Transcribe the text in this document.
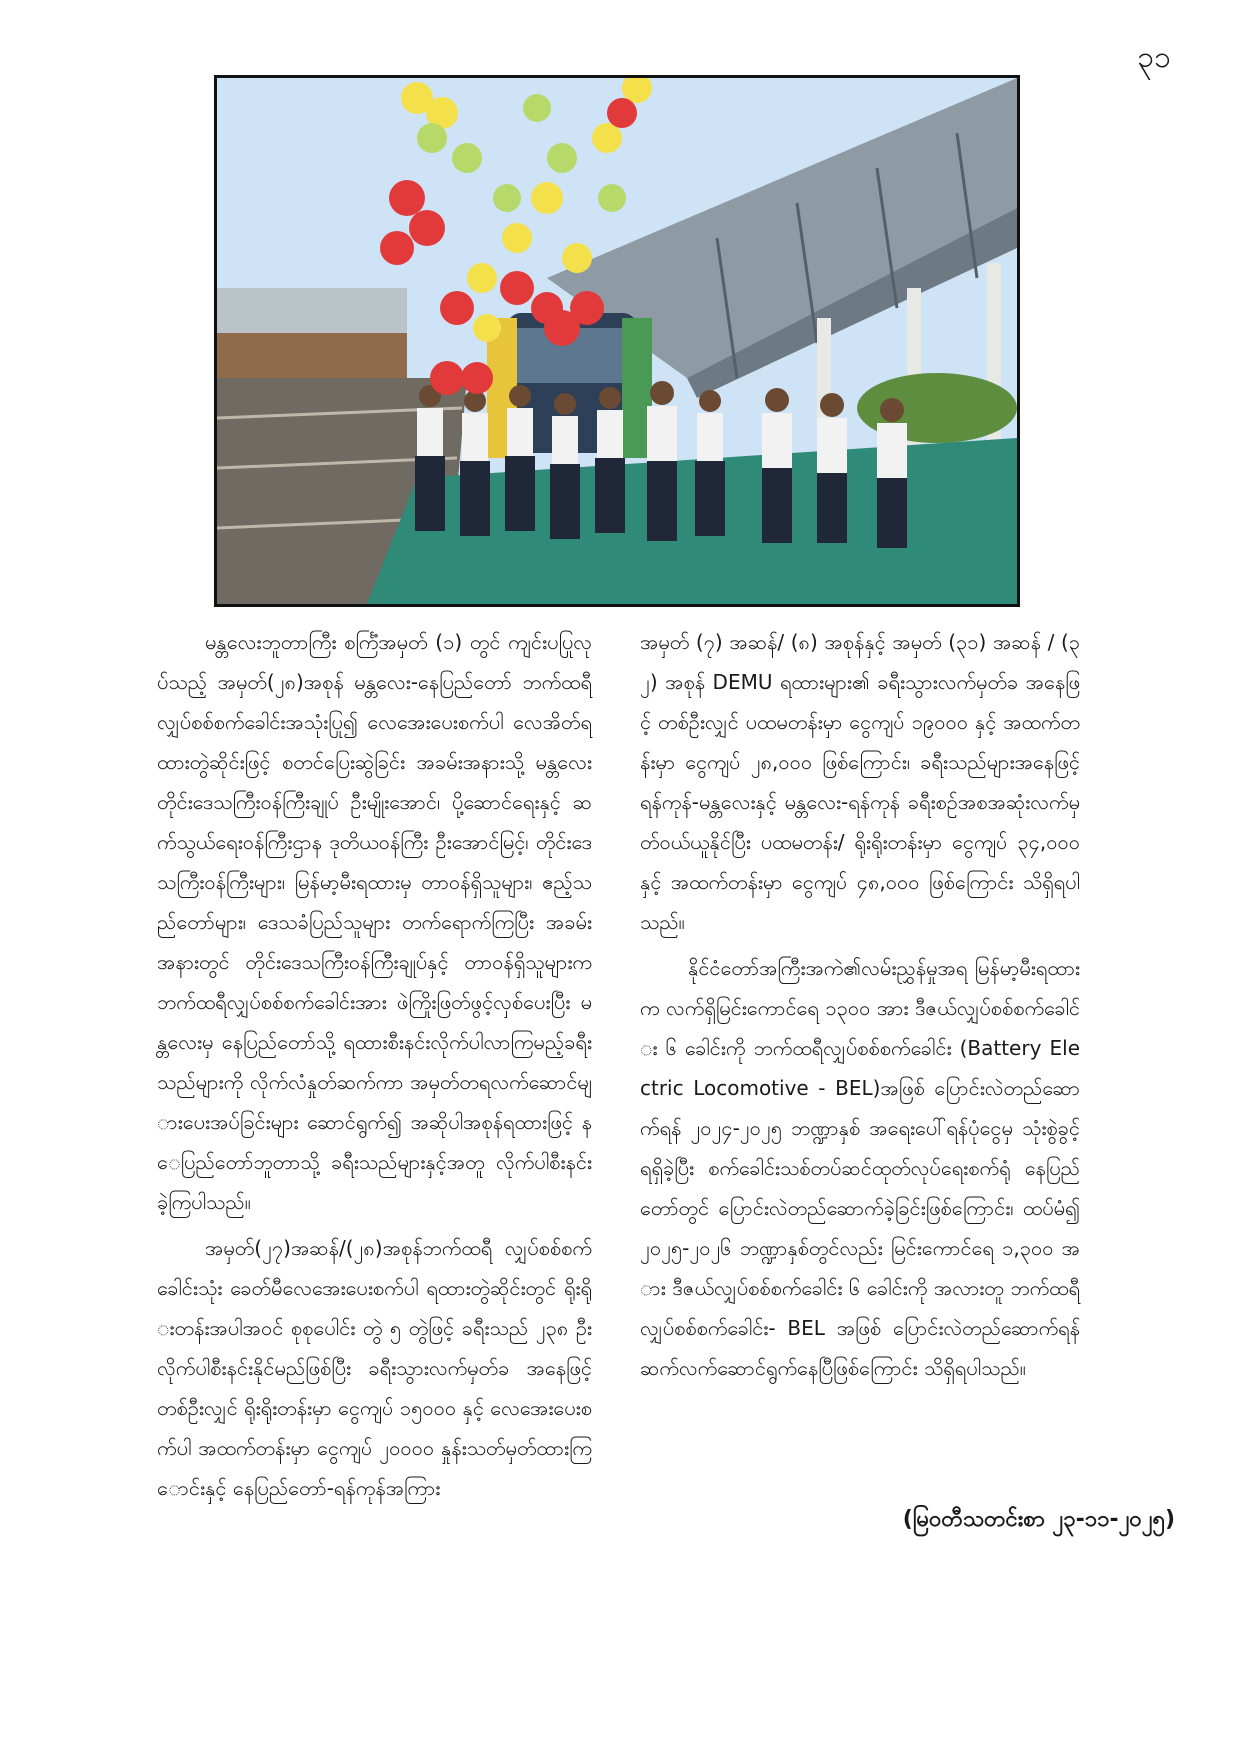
၃၁

မန္တလေးဘူတာကြီး စင်္ကြံအမှတ် (၁) တွင် ကျင်းပပြုလုပ်သည့် အမှတ်(၂၈)အစုန် မန္တလေး-နေပြည်တော် ဘက်ထရီလျှပ်စစ်စက်ခေါင်းအသုံးပြု၍ လေအေးပေးစက်ပါ လေအိတ်ရထားတွဲဆိုင်းဖြင့် စတင်ပြေးဆွဲခြင်း အခမ်းအနားသို့ မန္တလေးတိုင်းဒေသကြီးဝန်ကြီးချုပ် ဦးမျိုးအောင်၊ ပို့ဆောင်ရေးနှင့် ဆက်သွယ်ရေးဝန်ကြီးဌာန ဒုတိယဝန်ကြီး ဦးအောင်မြင့်၊ တိုင်းဒေသကြီးဝန်ကြီးများ၊ မြန်မာ့မီးရထားမှ တာဝန်ရှိသူများ၊ ဧည့်သည်တော်များ၊ ဒေသခံပြည်သူများ တက်ရောက်ကြပြီး အခမ်းအနားတွင် တိုင်းဒေသကြီးဝန်ကြီးချုပ်နှင့် တာဝန်ရှိသူများက ဘက်ထရီလျှပ်စစ်စက်ခေါင်းအား ဖဲကြိုးဖြတ်ဖွင့်လှစ်ပေးပြီး မန္တလေးမှ နေပြည်တော်သို့ ရထားစီးနင်းလိုက်ပါလာကြမည့်ခရီးသည်များကို လိုက်လံနှုတ်ဆက်ကာ အမှတ်တရလက်ဆောင်များပေးအပ်ခြင်းများ ဆောင်ရွက်၍ အဆိုပါအစုန်ရထားဖြင့် နေပြည်တော်ဘူတာသို့ ခရီးသည်များနှင့်အတူ လိုက်ပါစီးနင်းခဲ့ကြပါသည်။

အမှတ်(၂၇)အဆန်/(၂၈)အစုန်ဘက်ထရီ လျှပ်စစ်စက်ခေါင်းသုံး ခေတ်မီလေအေးပေးစက်ပါ ရထားတွဲဆိုင်းတွင် ရိုးရိုးတန်းအပါအဝင် စုစုပေါင်း တွဲ ၅ တွဲဖြင့် ခရီးသည် ၂၃၈ ဦး လိုက်ပါစီးနင်းနိုင်မည်ဖြစ်ပြီး ခရီးသွားလက်မှတ်ခ အနေဖြင့် တစ်ဦးလျှင် ရိုးရိုးတန်းမှာ ငွေကျပ် ၁၅၀၀၀ နှင့် လေအေးပေးစက်ပါ အထက်တန်းမှာ ငွေကျပ် ၂၀၀၀၀ နှုန်းသတ်မှတ်ထားကြောင်းနှင့် နေပြည်တော်-ရန်ကုန်အကြား

အမှတ် (၇) အဆန်/ (၈) အစုန်နှင့် အမှတ် (၃၁) အဆန် / (၃၂) အစုန် DEMU ရထားများ၏ ခရီးသွားလက်မှတ်ခ အနေဖြင့် တစ်ဦးလျှင် ပထမတန်းမှာ ငွေကျပ် ၁၉၀၀၀ နှင့် အထက်တန်းမှာ ငွေကျပ် ၂၈,၀၀၀ ဖြစ်ကြောင်း၊ ခရီးသည်များအနေဖြင့် ရန်ကုန်-မန္တလေးနှင့် မန္တလေး-ရန်ကုန် ခရီးစဉ်အစအဆုံးလက်မှတ်ဝယ်ယူနိုင်ပြီး ပထမတန်း/ ရိုးရိုးတန်းမှာ ငွေကျပ် ၃၄,၀၀၀ နှင့် အထက်တန်းမှာ ငွေကျပ် ၄၈,၀၀၀ ဖြစ်ကြောင်း သိရှိရပါသည်။

နိုင်ငံတော်အကြီးအကဲ၏လမ်းညွှန်မှုအရ မြန်မာ့မီးရထားက လက်ရှိမြင်းကောင်ရေ ၁၃၀၀ အား ဒီဇယ်လျှပ်စစ်စက်ခေါင်း ၆ ခေါင်းကို ဘက်ထရီလျှပ်စစ်စက်ခေါင်း (Battery Electric Locomotive - BEL)အဖြစ် ပြောင်းလဲတည်ဆောက်ရန် ၂၀၂၄-၂၀၂၅ ဘဏ္ဍာနှစ် အရေးပေါ်ရန်ပုံငွေမှ သုံးစွဲခွင့်ရရှိခဲ့ပြီး စက်ခေါင်းသစ်တပ်ဆင်ထုတ်လုပ်ရေးစက်ရုံ နေပြည်တော်တွင် ပြောင်းလဲတည်ဆောက်ခဲ့ခြင်းဖြစ်ကြောင်း၊ ထပ်မံ၍ ၂၀၂၅-၂၀၂၆ ဘဏ္ဍာနှစ်တွင်လည်း မြင်းကောင်ရေ ၁,၃၀၀ အား ဒီဇယ်လျှပ်စစ်စက်ခေါင်း ၆ ခေါင်းကို အလားတူ ဘက်ထရီလျှပ်စစ်စက်ခေါင်း- BEL အဖြစ် ပြောင်းလဲတည်ဆောက်ရန် ဆက်လက်ဆောင်ရွက်နေပြီဖြစ်ကြောင်း သိရှိရပါသည်။

(မြဝတီသတင်းစာ ၂၃-၁၁-၂၀၂၅)
